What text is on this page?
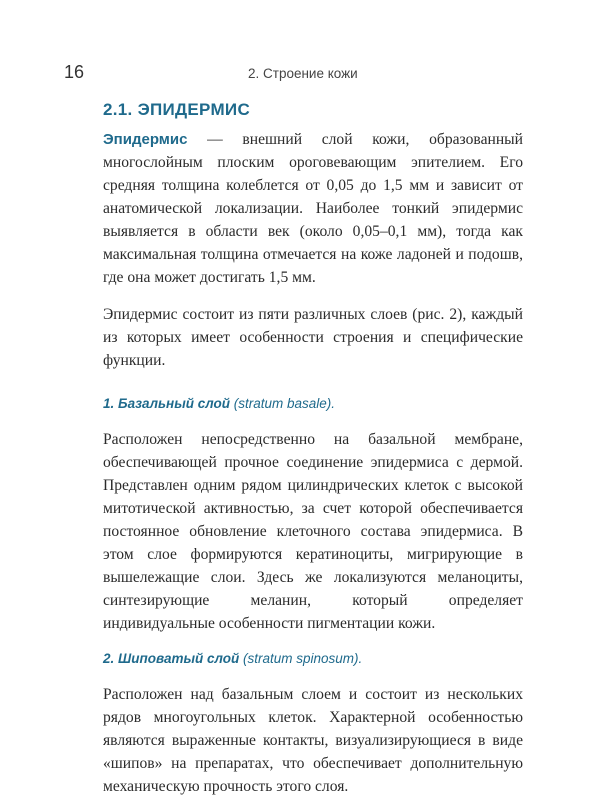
16	2. Строение кожи
2.1. ЭПИДЕРМИС

Эпидермис — внешний слой кожи, образованный многослойным плоским ороговевающим эпителием. Его средняя толщина колеблется от 0,05 до 1,5 мм и зависит от анатомической локализации. Наиболее тонкий эпидермис выявляется в области век (около 0,05–0,1 мм), тогда как максимальная толщина отмечается на коже ладоней и подошв, где она может достигать 1,5 мм.

Эпидермис состоит из пяти различных слоев (рис. 2), каждый из которых имеет особенности строения и специфические функции.

1. Базальный слой (stratum basale).

Расположен непосредственно на базальной мембране, обеспечивающей прочное соединение эпидермиса с дермой. Представлен одним рядом цилиндрических клеток с высокой митотической активностью, за счет которой обеспечивается постоянное обновление клеточного состава эпидермиса. В этом слое формируются кератиноциты, мигрирующие в вышележащие слои. Здесь же локализуются меланоциты, синтезирующие меланин, который определяет индивидуальные особенности пигментации кожи.

2. Шиповатый слой (stratum spinosum).

Расположен над базальным слоем и состоит из нескольких рядов многоугольных клеток. Характерной особенностью являются выраженные контакты, визуализирующиеся в виде «шипов» на препаратах, что обеспечивает дополнительную механическую прочность этого слоя.
